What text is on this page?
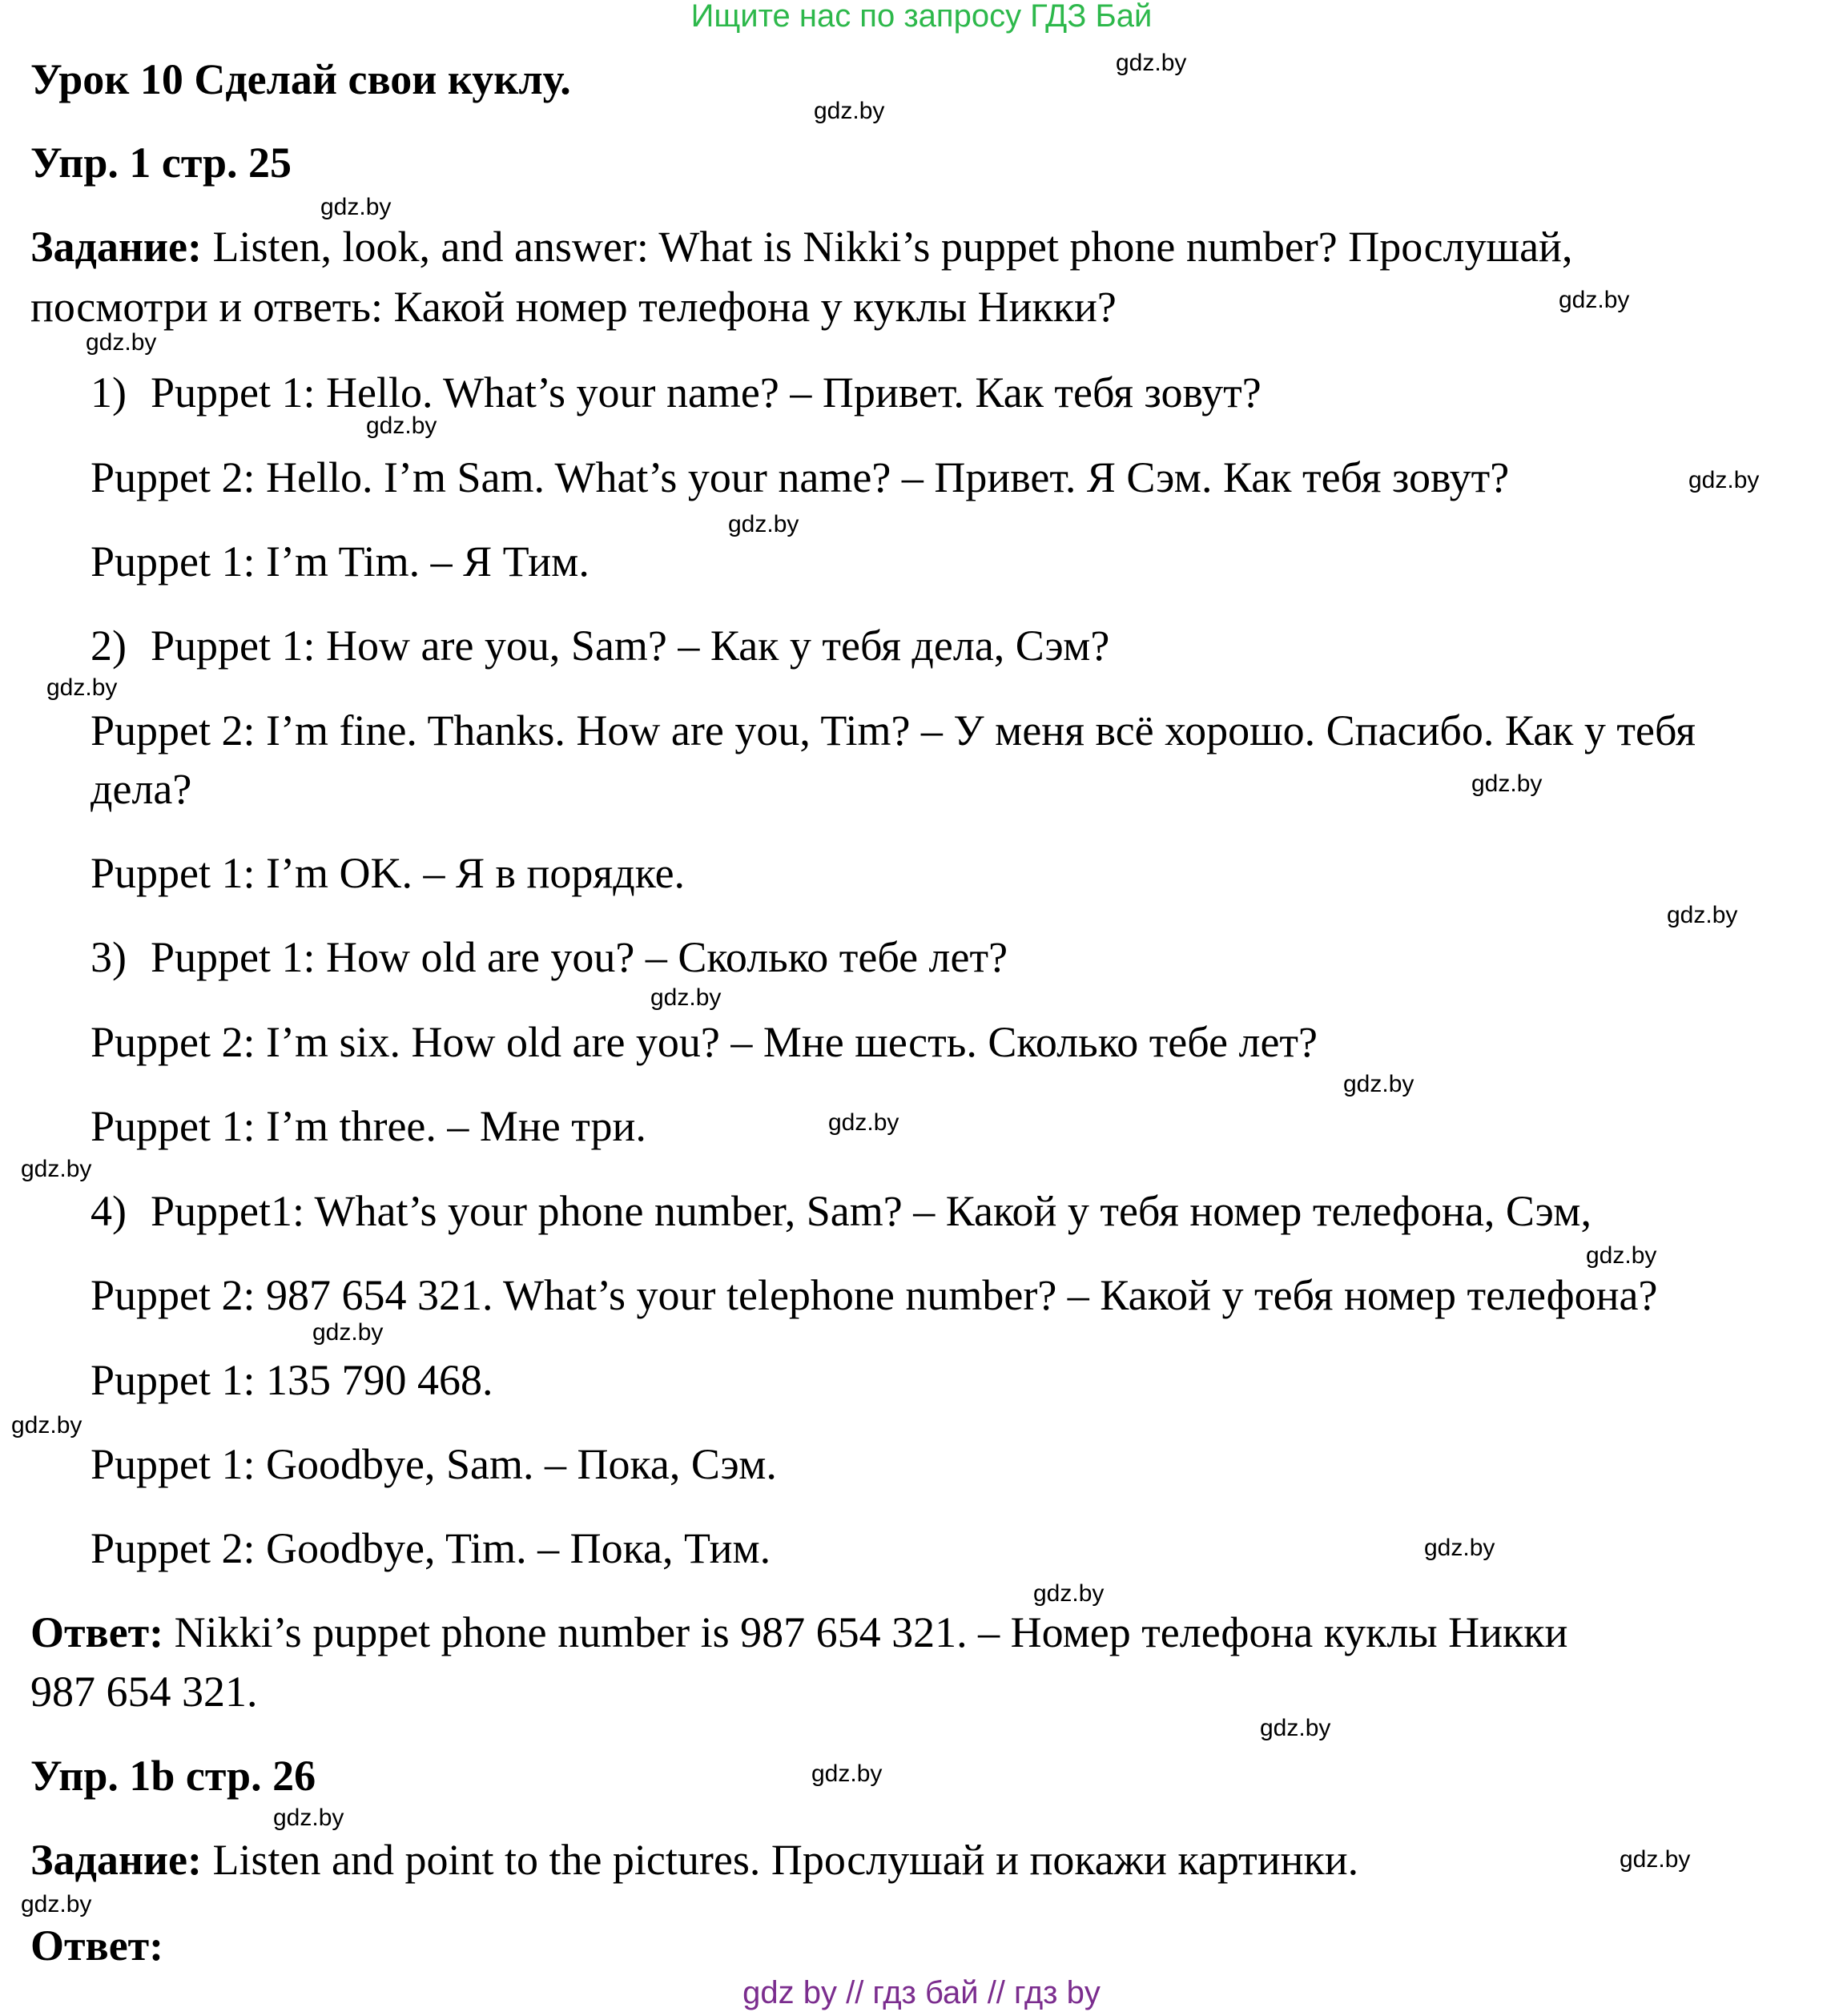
Ищите нас по запросу ГДЗ Бай
Урок 10 Сделай свои куклу.
Упр. 1 стр. 25
Задание: Listen, look, and answer: What is Nikki’s puppet phone number? Прослушай,
посмотри и ответь: Какой номер телефона у куклы Никки?
1) Puppet 1: Hello. What’s your name? – Привет. Как тебя зовут?
Puppet 2: Hello. I’m Sam. What’s your name? – Привет. Я Сэм. Как тебя зовут?
Puppet 1: I’m Tim. – Я Тим.
2) Puppet 1: How are you, Sam? – Как у тебя дела, Сэм?
Puppet 2: I’m fine. Thanks. How are you, Tim? – У меня всё хорошо. Спасибо. Как у тебя
дела?
Puppet 1: I’m OK. – Я в порядке.
3) Puppet 1: How old are you? – Сколько тебе лет?
Puppet 2: I’m six. How old are you? – Мне шесть. Сколько тебе лет?
Puppet 1: I’m three. – Мне три.
4) Puppet1: What’s your phone number, Sam? – Какой у тебя номер телефона, Сэм,
Puppet 2: 987 654 321. What’s your telephone number? – Какой у тебя номер телефона?
Puppet 1: 135 790 468.
Puppet 1: Goodbye, Sam. – Пока, Сэм.
Puppet 2: Goodbye, Tim. – Пока, Тим.
Ответ: Nikki’s puppet phone number is 987 654 321. – Номер телефона куклы Никки
987 654 321.
Упр. 1b стр. 26
Задание: Listen and point to the pictures. Прослушай и покажи картинки.
Ответ:
gdz.by
gdz.by
gdz.by
gdz.by
gdz.by
gdz.by
gdz.by
gdz.by
gdz.by
gdz.by
gdz.by
gdz.by
gdz.by
gdz.by
gdz.by
gdz.by
gdz.by
gdz.by
gdz.by
gdz.by
gdz.by
gdz.by
gdz.by
gdz.by
gdz.by
gdz by // гдз бай // гдз by
